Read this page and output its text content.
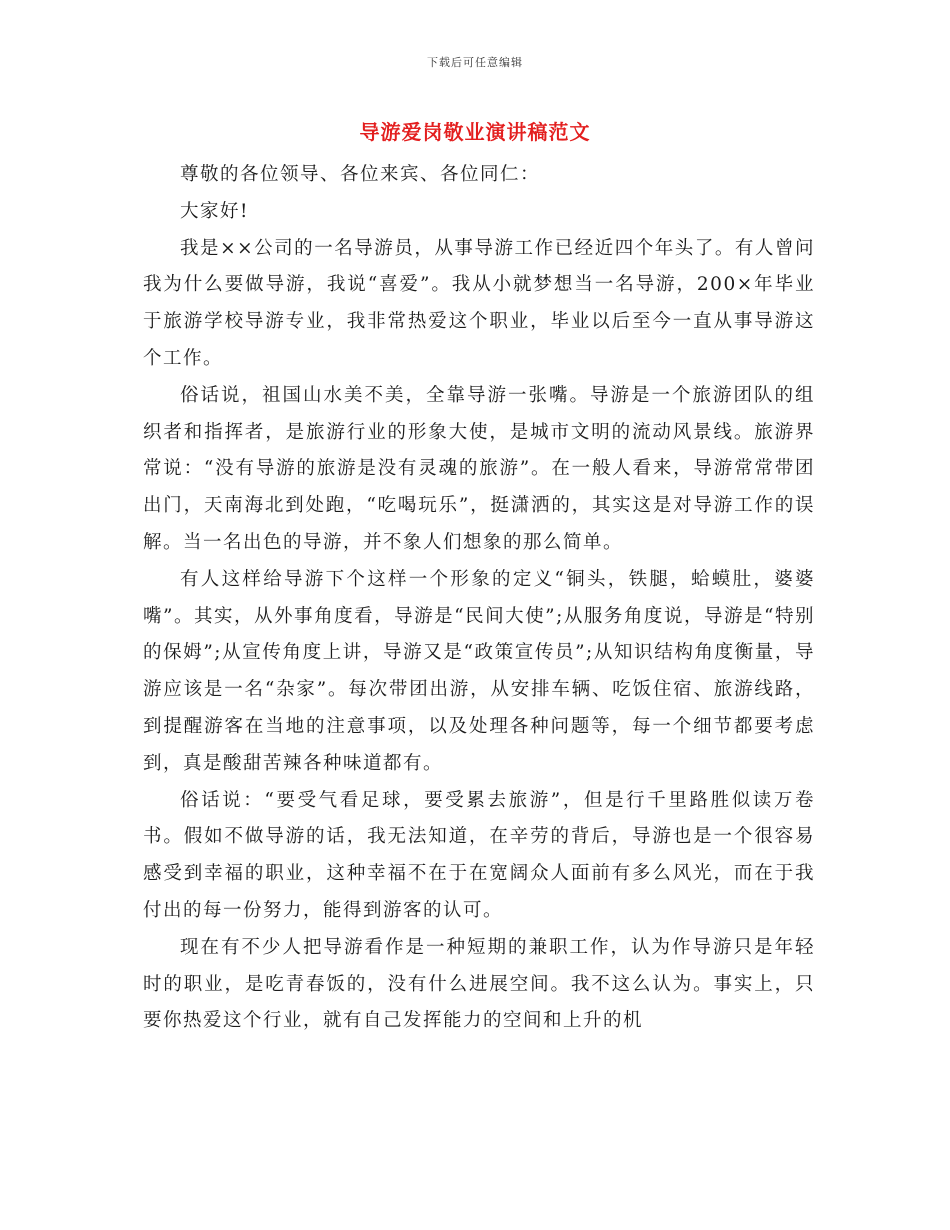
下载后可任意编辑
导游爱岗敬业演讲稿范文

尊敬的各位领导、各位来宾、各位同仁：

大家好!

我是××公司的一名导游员，从事导游工作已经近四个年头了。有人曾问我为什么要做导游，我说“喜爱”。我从小就梦想当一名导游，200×年毕业于旅游学校导游专业，我非常热爱这个职业，毕业以后至今一直从事导游这个工作。

俗话说，祖国山水美不美，全靠导游一张嘴。导游是一个旅游团队的组织者和指挥者，是旅游行业的形象大使，是城市文明的流动风景线。旅游界常说：“没有导游的旅游是没有灵魂的旅游”。在一般人看来，导游常常带团出门，天南海北到处跑，“吃喝玩乐”，挺潇洒的，其实这是对导游工作的误解。当一名出色的导游，并不象人们想象的那么简单。

有人这样给导游下个这样一个形象的定义“铜头，铁腿，蛤蟆肚，婆婆嘴”。其实，从外事角度看，导游是“民间大使”;从服务角度说，导游是“特别的保姆”;从宣传角度上讲，导游又是“政策宣传员”;从知识结构角度衡量，导游应该是一名“杂家”。每次带团出游，从安排车辆、吃饭住宿、旅游线路，到提醒游客在当地的注意事项，以及处理各种问题等，每一个细节都要考虑到，真是酸甜苦辣各种味道都有。

俗话说：“要受气看足球，要受累去旅游”，但是行千里路胜似读万卷书。假如不做导游的话，我无法知道，在辛劳的背后，导游也是一个很容易感受到幸福的职业，这种幸福不在于在宽阔众人面前有多么风光，而在于我付出的每一份努力，能得到游客的认可。

现在有不少人把导游看作是一种短期的兼职工作，认为作导游只是年轻时的职业，是吃青春饭的，没有什么进展空间。我不这么认为。事实上，只要你热爱这个行业，就有自己发挥能力的空间和上升的机
